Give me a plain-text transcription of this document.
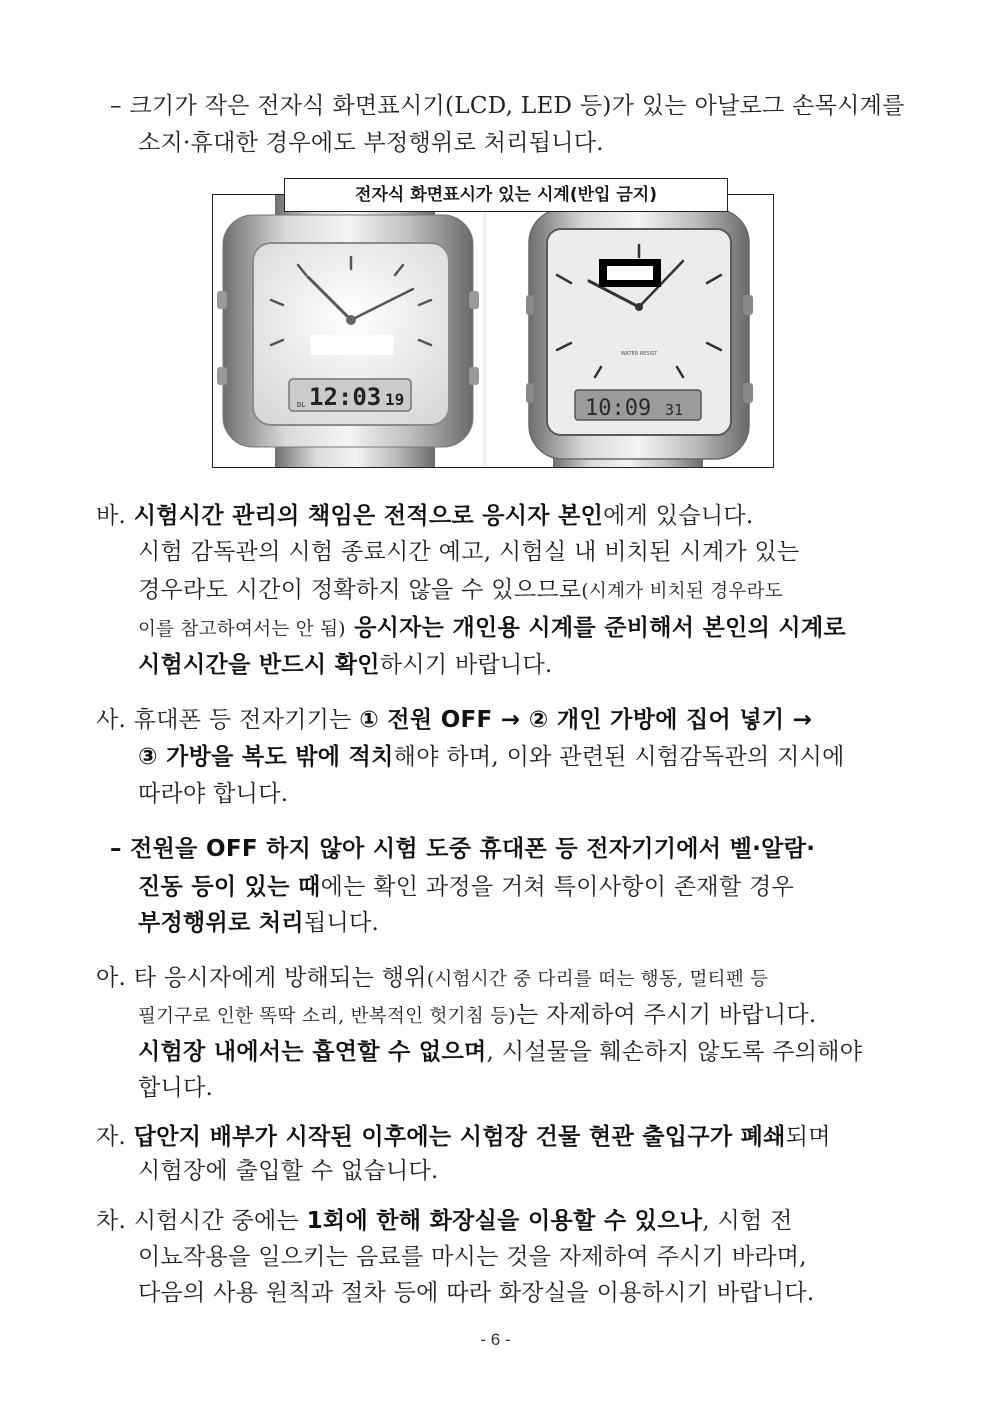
– 크기가 작은 전자식 화면표시기(LCD, LED 등)가 있는 아날로그 손목시계를
소지·휴대한 경우에도 부정행위로 처리됩니다.
전자식 화면표시가 있는 시계(반입 금지)
DL 12:03 19
WATER RESIST
10:09 31
바. 시험시간 관리의 책임은 전적으로 응시자 본인에게 있습니다.
시험 감독관의 시험 종료시간 예고, 시험실 내 비치된 시계가 있는
경우라도 시간이 정확하지 않을 수 있으므로(시계가 비치된 경우라도
이를 참고하여서는 안 됨) 응시자는 개인용 시계를 준비해서 본인의 시계로
시험시간을 반드시 확인하시기 바랍니다.
사. 휴대폰 등 전자기기는 ① 전원 OFF → ② 개인 가방에 집어 넣기 →
③ 가방을 복도 밖에 적치해야 하며, 이와 관련된 시험감독관의 지시에
따라야 합니다.
– 전원을 OFF 하지 않아 시험 도중 휴대폰 등 전자기기에서 벨·알람·
진동 등이 있는 때에는 확인 과정을 거쳐 특이사항이 존재할 경우
부정행위로 처리됩니다.
아. 타 응시자에게 방해되는 행위(시험시간 중 다리를 떠는 행동, 멀티펜 등
필기구로 인한 똑딱 소리, 반복적인 헛기침 등)는 자제하여 주시기 바랍니다.
시험장 내에서는 흡연할 수 없으며, 시설물을 훼손하지 않도록 주의해야
합니다.
자. 답안지 배부가 시작된 이후에는 시험장 건물 현관 출입구가 폐쇄되며
시험장에 출입할 수 없습니다.
차. 시험시간 중에는 1회에 한해 화장실을 이용할 수 있으나, 시험 전
이뇨작용을 일으키는 음료를 마시는 것을 자제하여 주시기 바라며,
다음의 사용 원칙과 절차 등에 따라 화장실을 이용하시기 바랍니다.
- 6 -
